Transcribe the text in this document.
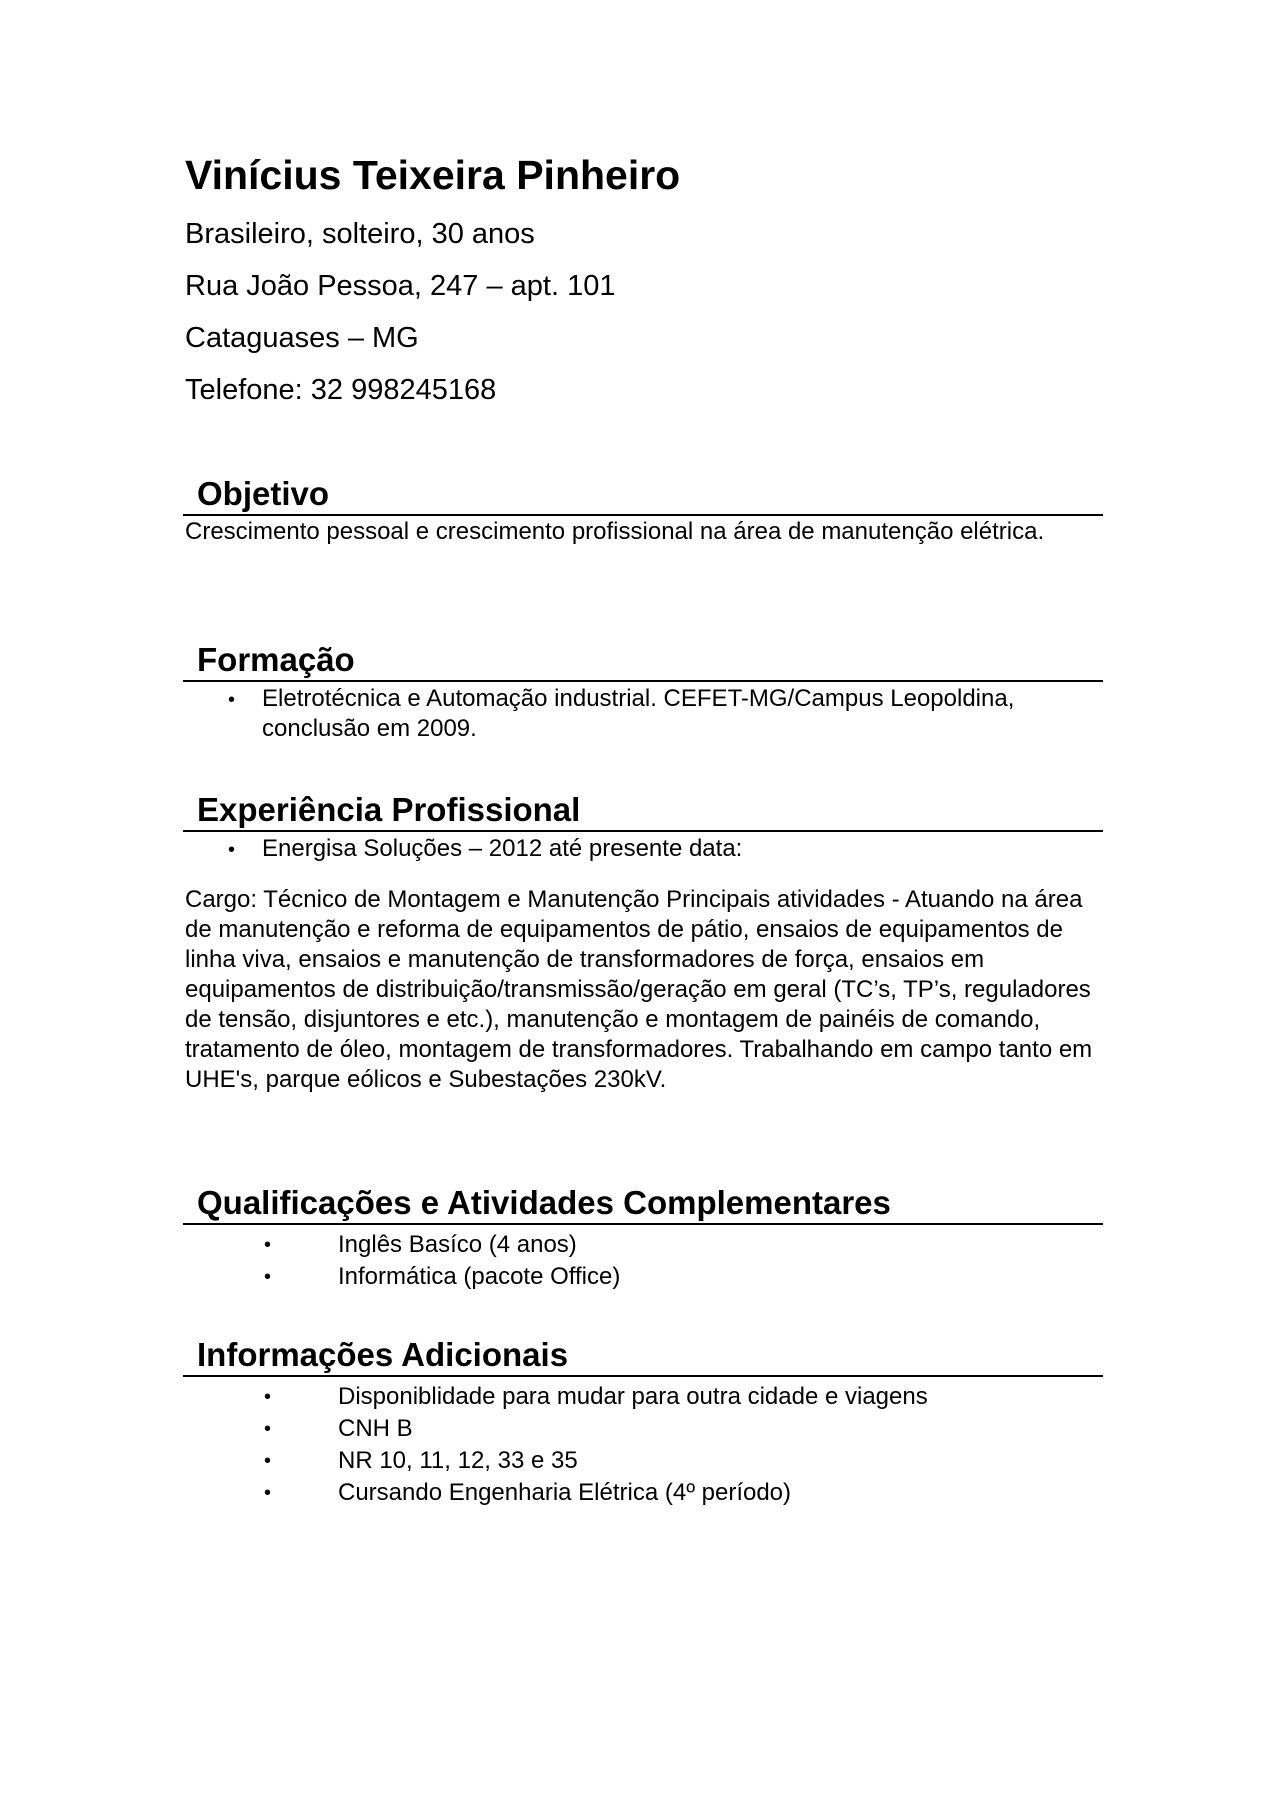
Vinícius Teixeira Pinheiro

Brasileiro, solteiro, 30 anos

Rua João Pessoa, 247 – apt. 101

Cataguases – MG

Telefone: 32 998245168

Objetivo

Crescimento pessoal e crescimento profissional na área de manutenção elétrica.

Formação
• Eletrotécnica e Automação industrial. CEFET-MG/Campus Leopoldina, conclusão em 2009.
Experiência Profissional
• Energisa Soluções – 2012 até presente data:

Cargo: Técnico de Montagem e Manutenção Principais atividades - Atuando na área de manutenção e reforma de equipamentos de pátio, ensaios de equipamentos de linha viva, ensaios e manutenção de transformadores de força, ensaios em equipamentos de distribuição/transmissão/geração em geral (TC’s, TP’s, reguladores de tensão, disjuntores e etc.), manutenção e montagem de painéis de comando, tratamento de óleo, montagem de transformadores. Trabalhando em campo tanto em UHE's, parque eólicos e Subestações 230kV.

Qualificações e Atividades Complementares
•	Inglês Basíco (4 anos)
•	Informática (pacote Office)
Informações Adicionais
•	Disponiblidade para mudar para outra cidade e viagens
•	CNH B
•	NR 10, 11, 12, 33 e 35
•	Cursando Engenharia Elétrica (4º período)
